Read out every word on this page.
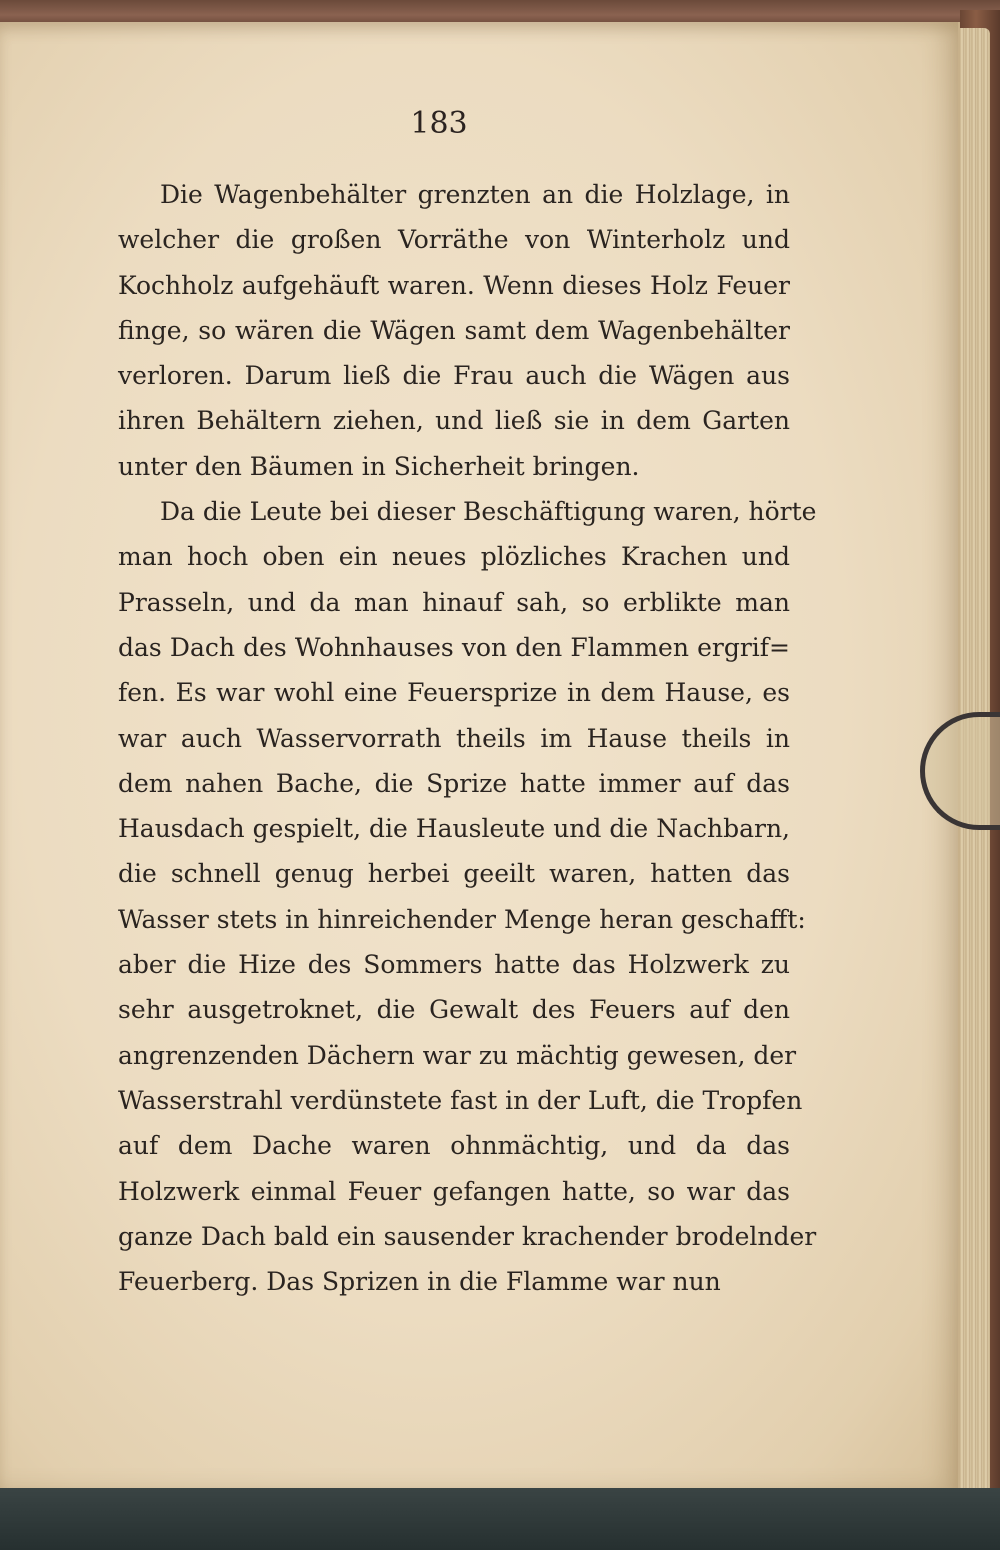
183

Die Wagenbehälter grenzten an die Holzlage, in
welcher die großen Vorräthe von Winterholz und
Kochholz aufgehäuft waren. Wenn dieses Holz Feuer
finge, so wären die Wägen samt dem Wagenbehälter
verloren. Darum ließ die Frau auch die Wägen aus
ihren Behältern ziehen, und ließ sie in dem Garten
unter den Bäumen in Sicherheit bringen.
Da die Leute bei dieser Beschäftigung waren, hörte
man hoch oben ein neues plözliches Krachen und
Prasseln, und da man hinauf sah, so erblikte man
das Dach des Wohnhauses von den Flammen ergrif=
fen. Es war wohl eine Feuersprize in dem Hause, es
war auch Wasservorrath theils im Hause theils in
dem nahen Bache, die Sprize hatte immer auf das
Hausdach gespielt, die Hausleute und die Nachbarn,
die schnell genug herbei geeilt waren, hatten das
Wasser stets in hinreichender Menge heran geschafft:
aber die Hize des Sommers hatte das Holzwerk zu
sehr ausgetroknet, die Gewalt des Feuers auf den
angrenzenden Dächern war zu mächtig gewesen, der
Wasserstrahl verdünstete fast in der Luft, die Tropfen
auf dem Dache waren ohnmächtig, und da das
Holzwerk einmal Feuer gefangen hatte, so war das
ganze Dach bald ein sausender krachender brodelnder
Feuerberg. Das Sprizen in die Flamme war nun
